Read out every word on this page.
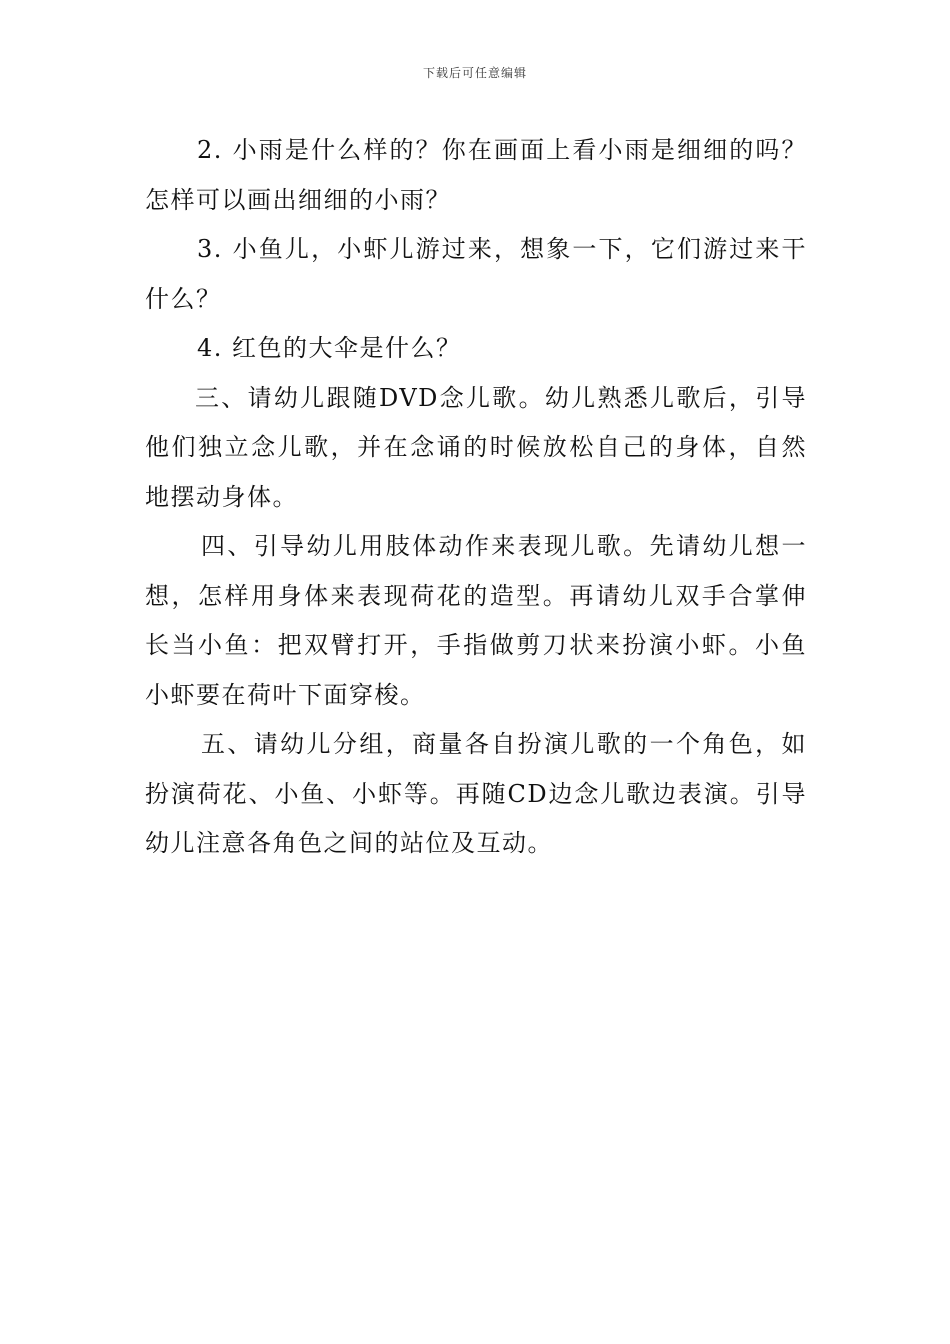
下载后可任意编辑

2. 小雨是什么样的？你在画面上看小雨是细细的吗？怎样可以画出细细的小雨？

3. 小鱼儿，小虾儿游过来，想象一下，它们游过来干什么？

4. 红色的大伞是什么？

三、请幼儿跟随DVD念儿歌。幼儿熟悉儿歌后，引导他们独立念儿歌，并在念诵的时候放松自己的身体，自然地摆动身体。

四、引导幼儿用肢体动作来表现儿歌。先请幼儿想一想，怎样用身体来表现荷花的造型。再请幼儿双手合掌伸长当小鱼：把双臂打开，手指做剪刀状来扮演小虾。小鱼小虾要在荷叶下面穿梭。

五、请幼儿分组，商量各自扮演儿歌的一个角色，如扮演荷花、小鱼、小虾等。再随CD边念儿歌边表演。引导幼儿注意各角色之间的站位及互动。
